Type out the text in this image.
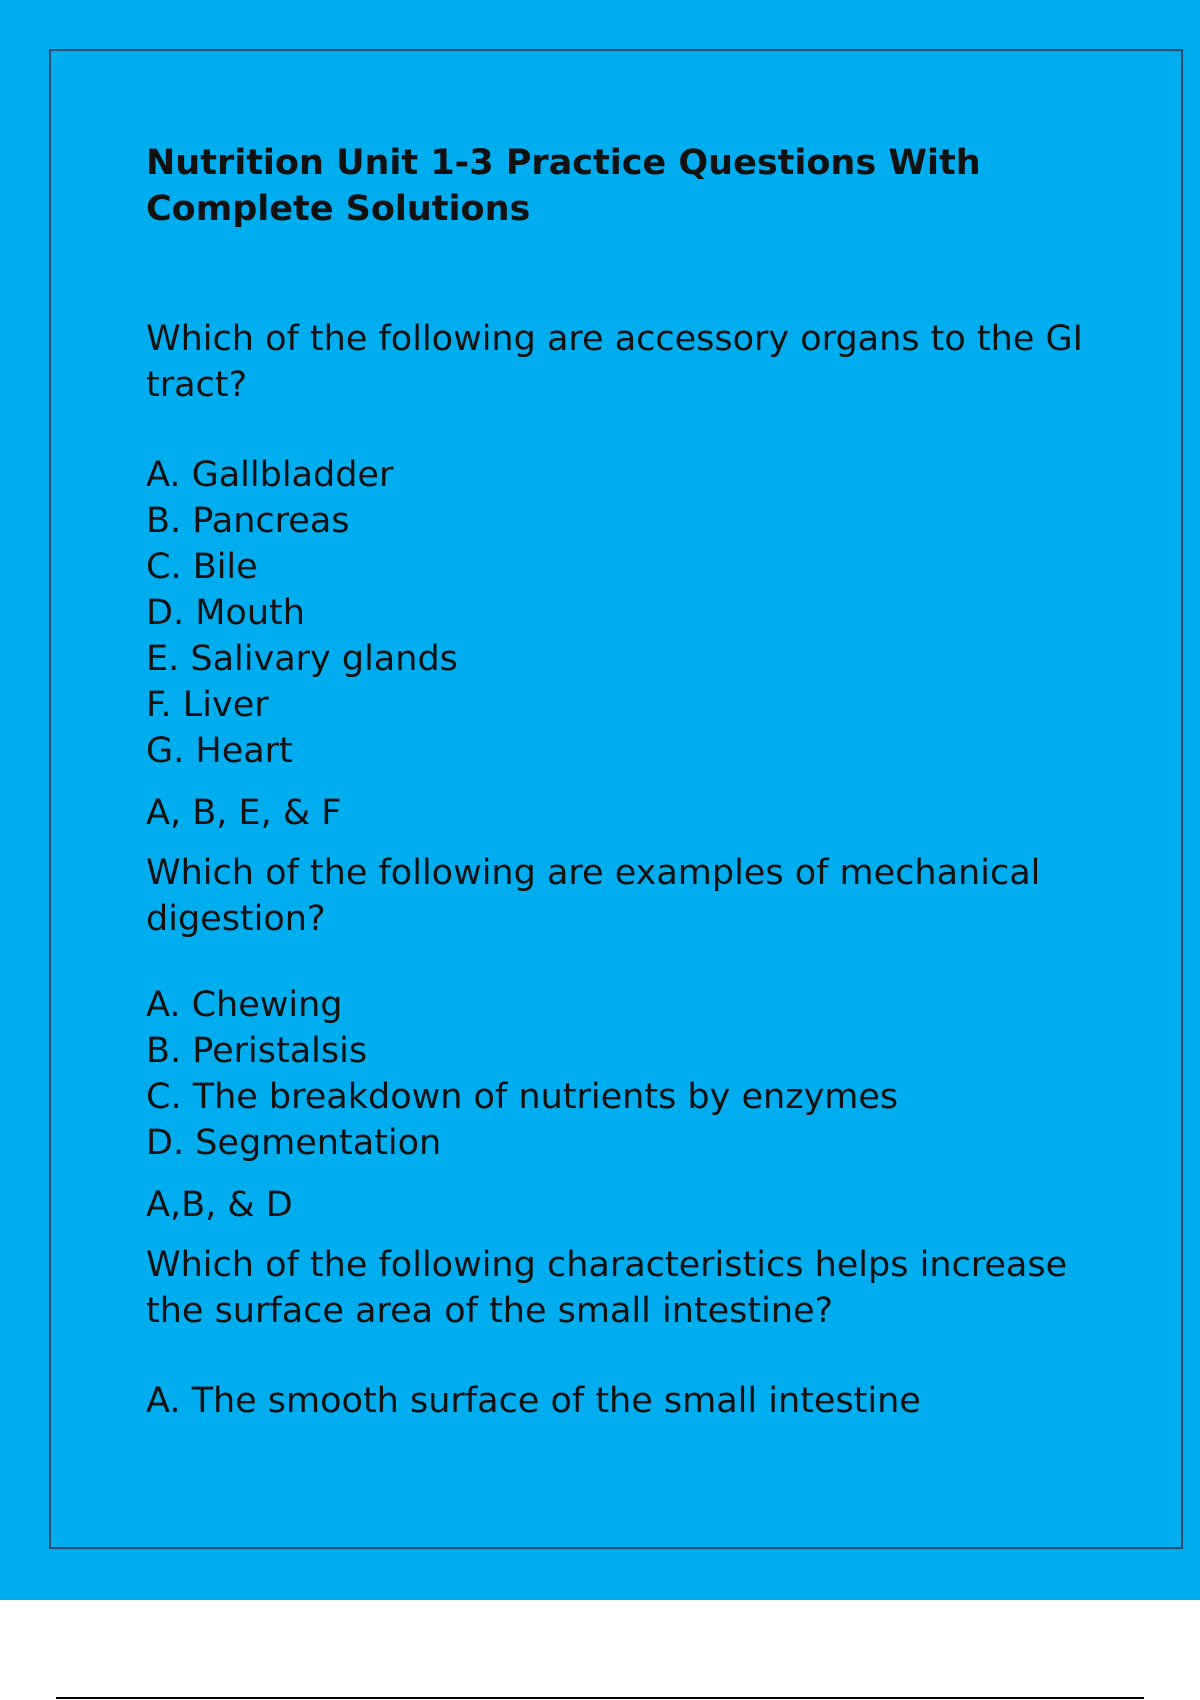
Nutrition Unit 1-3 Practice Questions With Complete Solutions

Which of the following are accessory organs to the GI tract?

A. Gallbladder
B. Pancreas
C. Bile
D. Mouth
E. Salivary glands
F. Liver
G. Heart
A, B, E, & F

Which of the following are examples of mechanical digestion?

A. Chewing
B. Peristalsis
C. The breakdown of nutrients by enzymes
D. Segmentation
A,B, & D

Which of the following characteristics helps increase the surface area of the small intestine?

A. The smooth surface of the small intestine
